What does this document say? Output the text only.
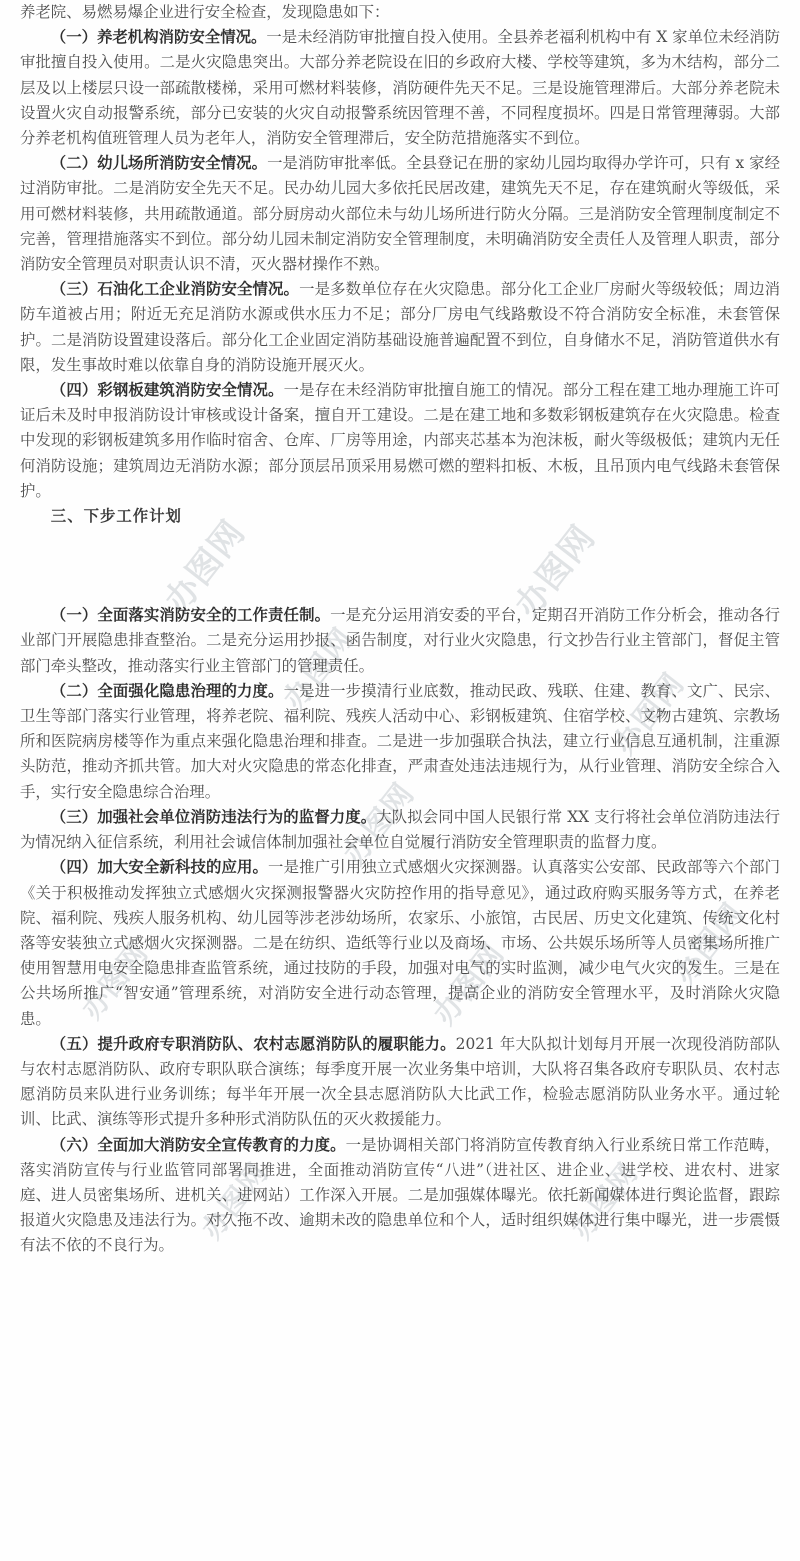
办图网	办图网
办图网	办图网
办图网
办图网
办图网
办图网
办图网	办图网

养老院、易燃易爆企业进行安全检查，发现隐患如下：

（一）养老机构消防安全情况。一是未经消防审批擅自投入使用。全县养老福利机构中有 X 家单位未经消防审批擅自投入使用。二是火灾隐患突出。大部分养老院设在旧的乡政府大楼、学校等建筑，多为木结构，部分二层及以上楼层只设一部疏散楼梯，采用可燃材料装修，消防硬件先天不足。三是设施管理滞后。大部分养老院未设置火灾自动报警系统，部分已安装的火灾自动报警系统因管理不善，不同程度损坏。四是日常管理薄弱。大部分养老机构值班管理人员为老年人，消防安全管理滞后，安全防范措施落实不到位。

（二）幼儿场所消防安全情况。一是消防审批率低。全县登记在册的家幼儿园均取得办学许可，只有 x 家经过消防审批。二是消防安全先天不足。民办幼儿园大多依托民居改建，建筑先天不足，存在建筑耐火等级低，采用可燃材料装修，共用疏散通道。部分厨房动火部位未与幼儿场所进行防火分隔。三是消防安全管理制度制定不完善，管理措施落实不到位。部分幼儿园未制定消防安全管理制度，未明确消防安全责任人及管理人职责，部分消防安全管理员对职责认识不清，灭火器材操作不熟。

（三）石油化工企业消防安全情况。一是多数单位存在火灾隐患。部分化工企业厂房耐火等级较低；周边消防车道被占用；附近无充足消防水源或供水压力不足；部分厂房电气线路敷设不符合消防安全标准，未套管保护。二是消防设置建设落后。部分化工企业固定消防基础设施普遍配置不到位，自身储水不足，消防管道供水有限，发生事故时难以依靠自身的消防设施开展灭火。

（四）彩钢板建筑消防安全情况。一是存在未经消防审批擅自施工的情况。部分工程在建工地办理施工许可证后未及时申报消防设计审核或设计备案，擅自开工建设。二是在建工地和多数彩钢板建筑存在火灾隐患。检查中发现的彩钢板建筑多用作临时宿舍、仓库、厂房等用途，内部夹芯基本为泡沫板，耐火等级极低；建筑内无任何消防设施；建筑周边无消防水源；部分顶层吊顶采用易燃可燃的塑料扣板、木板，且吊顶内电气线路未套管保护。

三、下步工作计划

（一）全面落实消防安全的工作责任制。一是充分运用消安委的平台，定期召开消防工作分析会，推动各行业部门开展隐患排查整治。二是充分运用抄报、函告制度，对行业火灾隐患，行文抄告行业主管部门，督促主管部门牵头整改，推动落实行业主管部门的管理责任。

（二）全面强化隐患治理的力度。一是进一步摸清行业底数，推动民政、残联、住建、教育、文广、民宗、卫生等部门落实行业管理，将养老院、福利院、残疾人活动中心、彩钢板建筑、住宿学校、文物古建筑、宗教场所和医院病房楼等作为重点来强化隐患治理和排查。二是进一步加强联合执法，建立行业信息互通机制，注重源头防范，推动齐抓共管。加大对火灾隐患的常态化排查，严肃查处违法违规行为，从行业管理、消防安全综合入手，实行安全隐患综合治理。

（三）加强社会单位消防违法行为的监督力度。大队拟会同中国人民银行常 XX 支行将社会单位消防违法行为情况纳入征信系统，利用社会诚信体制加强社会单位自觉履行消防安全管理职责的监督力度。

（四）加大安全新科技的应用。一是推广引用独立式感烟火灾探测器。认真落实公安部、民政部等六个部门《关于积极推动发挥独立式感烟火灾探测报警器火灾防控作用的指导意见》，通过政府购买服务等方式，在养老院、福利院、残疾人服务机构、幼儿园等涉老涉幼场所，农家乐、小旅馆，古民居、历史文化建筑、传统文化村落等安装独立式感烟火灾探测器。二是在纺织、造纸等行业以及商场、市场、公共娱乐场所等人员密集场所推广使用智慧用电安全隐患排查监管系统，通过技防的手段，加强对电气的实时监测，减少电气火灾的发生。三是在公共场所推广“智安通”管理系统，对消防安全进行动态管理，提高企业的消防安全管理水平，及时消除火灾隐患。

（五）提升政府专职消防队、农村志愿消防队的履职能力。2021 年大队拟计划每月开展一次现役消防部队与农村志愿消防队、政府专职队联合演练；每季度开展一次业务集中培训，大队将召集各政府专职队员、农村志愿消防员来队进行业务训练；每半年开展一次全县志愿消防队大比武工作，检验志愿消防队业务水平。通过轮训、比武、演练等形式提升多种形式消防队伍的灭火救援能力。

（六）全面加大消防安全宣传教育的力度。一是协调相关部门将消防宣传教育纳入行业系统日常工作范畴，落实消防宣传与行业监管同部署同推进，全面推动消防宣传“八进”（进社区、进企业、进学校、进农村、进家庭、进人员密集场所、进机关、进网站）工作深入开展。二是加强媒体曝光。依托新闻媒体进行舆论监督，跟踪报道火灾隐患及违法行为。对久拖不改、逾期未改的隐患单位和个人，适时组织媒体进行集中曝光，进一步震慑有法不依的不良行为。
